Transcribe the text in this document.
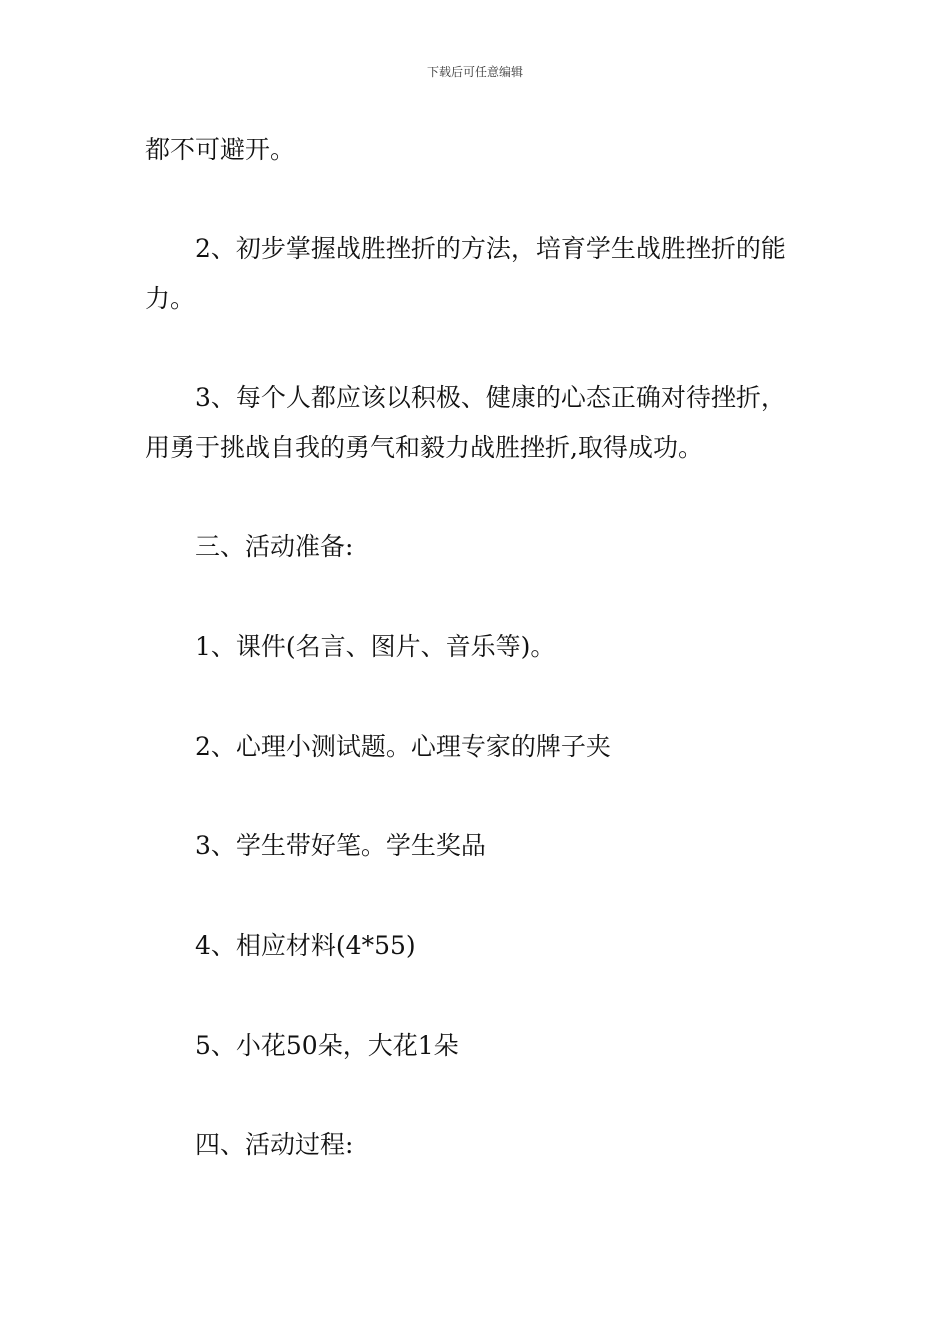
下载后可任意编辑
都不可避开。
2、初步掌握战胜挫折的方法，培育学生战胜挫折的能
力。
3、每个人都应该以积极、健康的心态正确对待挫折，
用勇于挑战自我的勇气和毅力战胜挫折,取得成功。
三、活动准备:
1、课件(名言、图片、音乐等)。
2、心理小测试题。心理专家的牌子夹
3、学生带好笔。学生奖品
4、相应材料(4*55)
5、小花50朵，大花1朵
四、活动过程:
